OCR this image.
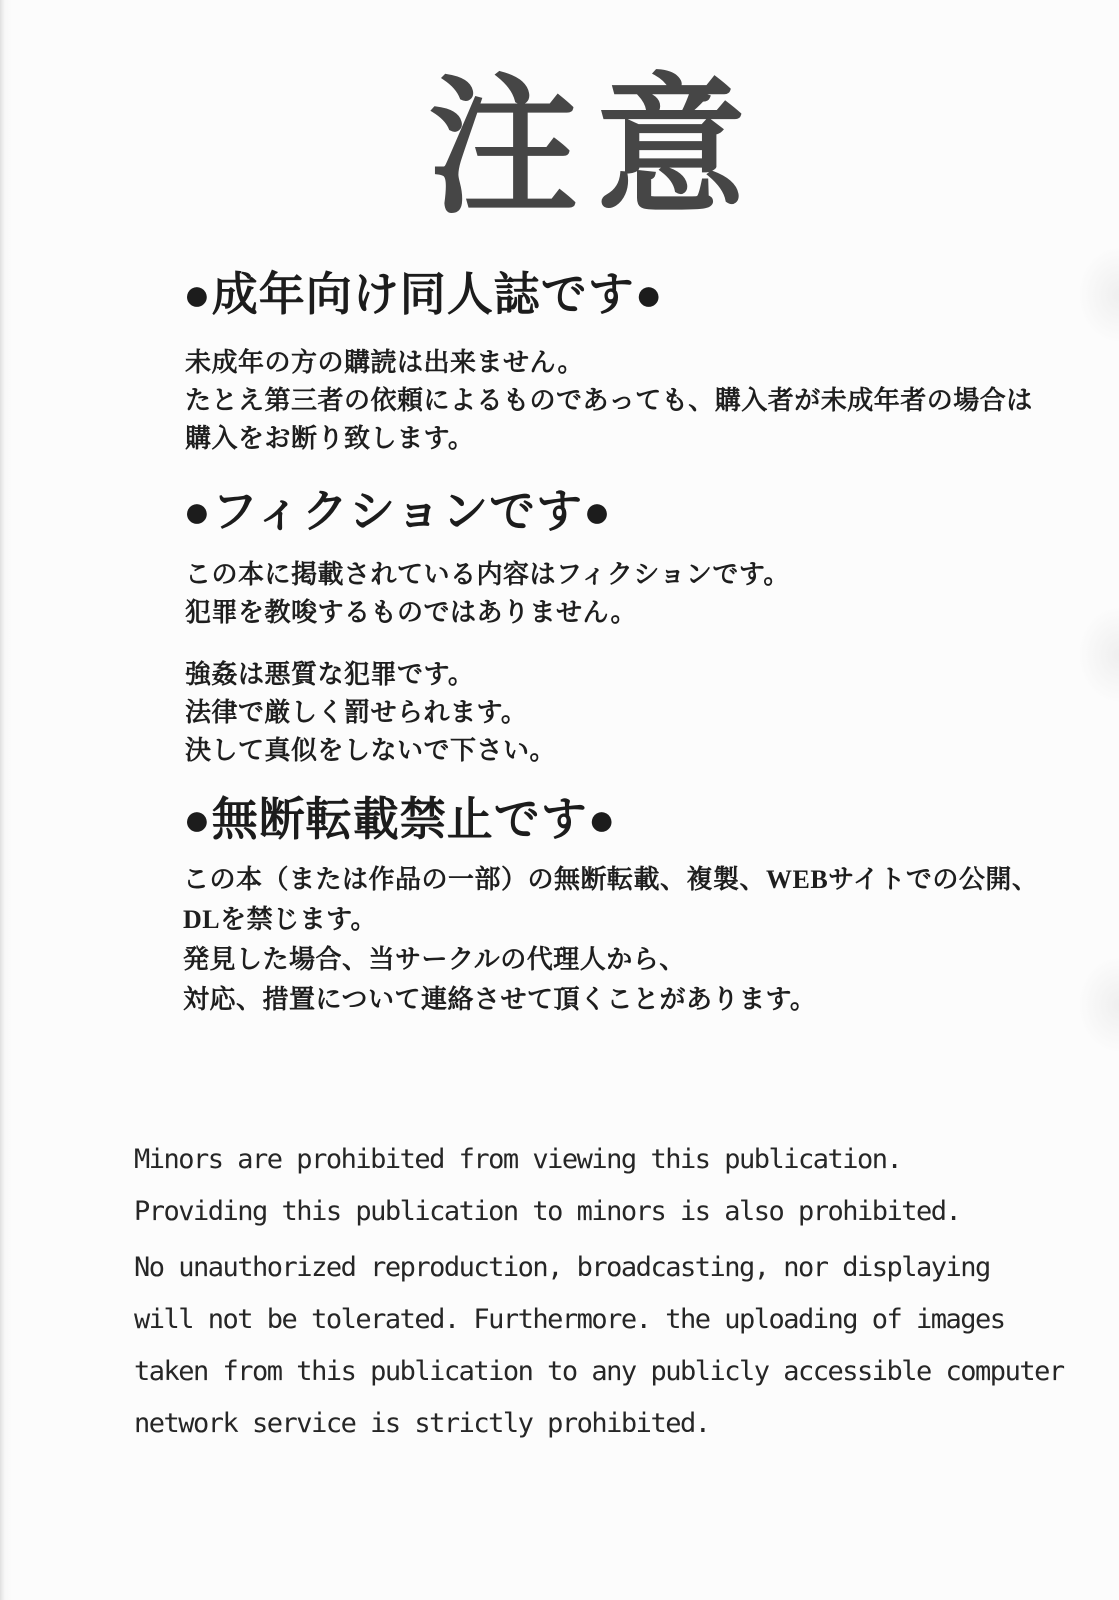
注意
●成年向け同人誌です●
未成年の方の購読は出来ません。
たとえ第三者の依頼によるものであっても、購入者が未成年者の場合は
購入をお断り致します。
●フィクションです●
この本に掲載されている内容はフィクションです。
犯罪を教唆するものではありません。
強姦は悪質な犯罪です。
法律で厳しく罰せられます。
決して真似をしないで下さい。
●無断転載禁止です●
この本（または作品の一部）の無断転載、複製、WEBサイトでの公開、
DLを禁じます。
発見した場合、当サークルの代理人から、
対応、措置について連絡させて頂くことがあります。
Minors are prohibited from viewing this publication.
Providing this publication to minors is also prohibited.
No unauthorized reproduction, broadcasting, nor displaying
will not be tolerated. Furthermore. the uploading of images
taken from this publication to any publicly accessible computer
network service is strictly prohibited.
